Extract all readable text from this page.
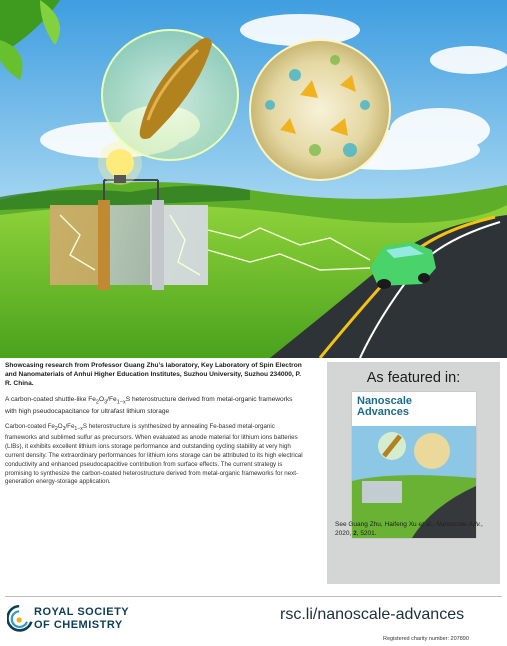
Showcasing research from Professor Guang Zhu’s laboratory, Key Laboratory of Spin Electron and Nanomaterials of Anhui Higher Education Institutes, Suzhou University, Suzhou 234000, P. R. China.

A carbon-coated shuttle-like $Fe_2O_3/Fe_{1-x}S$ heterostructure derived from metal-organic frameworks with high pseudocapacitance for ultrafast lithium storage
Carbon-coated $Fe_2O_3/Fe_{1-x}S$ heterostructure is synthesized by annealing Fe-based metal-organic frameworks and sublimed sulfur as precursors. When evaluated as anode material for lithium ions batteries (LIBs), it exhibits excellent lithium ions storage performance and outstanding cycling stability at very high current density. The extraordinary performances for lithium ions storage can be attributed to its high electrical conductivity and enhanced pseudocapacitive contribution from surface effects. The current strategy is promising to synthesize the carbon-coated heterostructure derived from metal-organic frameworks for next-generation energy-storage application.
As featured in:
Nanoscale
Advances
See Guang Zhu, Haifeng Xu et al., Nanoscale Adv., 2020, 2, 5201.
ROYAL SOCIETY
OF CHEMISTRY
rsc.li/nanoscale-advances
Registered charity number: 207890
